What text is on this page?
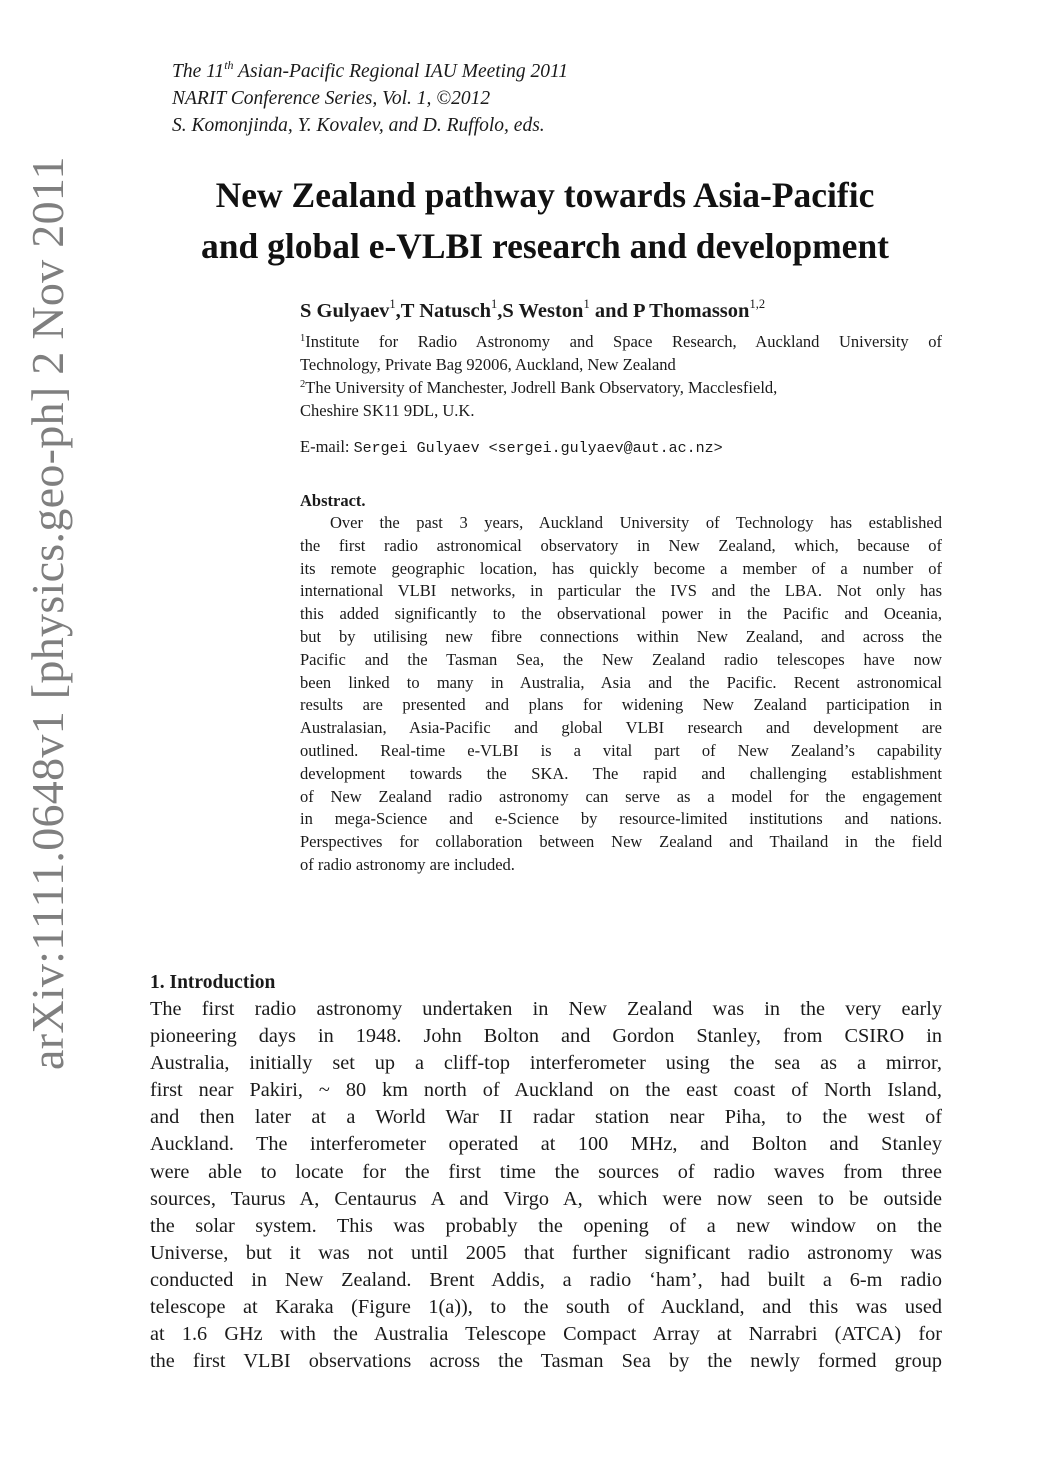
arXiv:1111.0648v1 [physics.geo-ph] 2 Nov 2011
The 11th Asian-Pacific Regional IAU Meeting 2011
NARIT Conference Series, Vol. 1, ©2012
S. Komonjinda, Y. Kovalev, and D. Ruffolo, eds.
New Zealand pathway towards Asia-Pacific
and global e-VLBI research and development
S Gulyaev$^1$,T Natusch$^1$,S Weston$^1$ and P Thomasson$^{1,2}$
$^1$Institute for Radio Astronomy and Space Research, Auckland University of
Technology, Private Bag 92006, Auckland, New Zealand
$^2$The University of Manchester, Jodrell Bank Observatory, Macclesfield,
Cheshire SK11 9DL, U.K.
E-mail: Sergei Gulyaev <sergei.gulyaev@aut.ac.nz>
Abstract.
Over the past 3 years, Auckland University of Technology has established
the first radio astronomical observatory in New Zealand, which, because of
its remote geographic location, has quickly become a member of a number of
international VLBI networks, in particular the IVS and the LBA. Not only has
this added significantly to the observational power in the Pacific and Oceania,
but by utilising new fibre connections within New Zealand, and across the
Pacific and the Tasman Sea, the New Zealand radio telescopes have now
been linked to many in Australia, Asia and the Pacific. Recent astronomical
results are presented and plans for widening New Zealand participation in
Australasian, Asia-Pacific and global VLBI research and development are
outlined. Real-time e-VLBI is a vital part of New Zealand’s capability
development towards the SKA. The rapid and challenging establishment
of New Zealand radio astronomy can serve as a model for the engagement
in mega-Science and e-Science by resource-limited institutions and nations.
Perspectives for collaboration between New Zealand and Thailand in the field
of radio astronomy are included.
1. Introduction
The first radio astronomy undertaken in New Zealand was in the very early
pioneering days in 1948. John Bolton and Gordon Stanley, from CSIRO in
Australia, initially set up a cliff-top interferometer using the sea as a mirror,
first near Pakiri, ~ 80 km north of Auckland on the east coast of North Island,
and then later at a World War II radar station near Piha, to the west of
Auckland. The interferometer operated at 100 MHz, and Bolton and Stanley
were able to locate for the first time the sources of radio waves from three
sources, Taurus A, Centaurus A and Virgo A, which were now seen to be outside
the solar system. This was probably the opening of a new window on the
Universe, but it was not until 2005 that further significant radio astronomy was
conducted in New Zealand. Brent Addis, a radio ‘ham’, had built a 6-m radio
telescope at Karaka (Figure 1(a)), to the south of Auckland, and this was used
at 1.6 GHz with the Australia Telescope Compact Array at Narrabri (ATCA) for
the first VLBI observations across the Tasman Sea by the newly formed group
